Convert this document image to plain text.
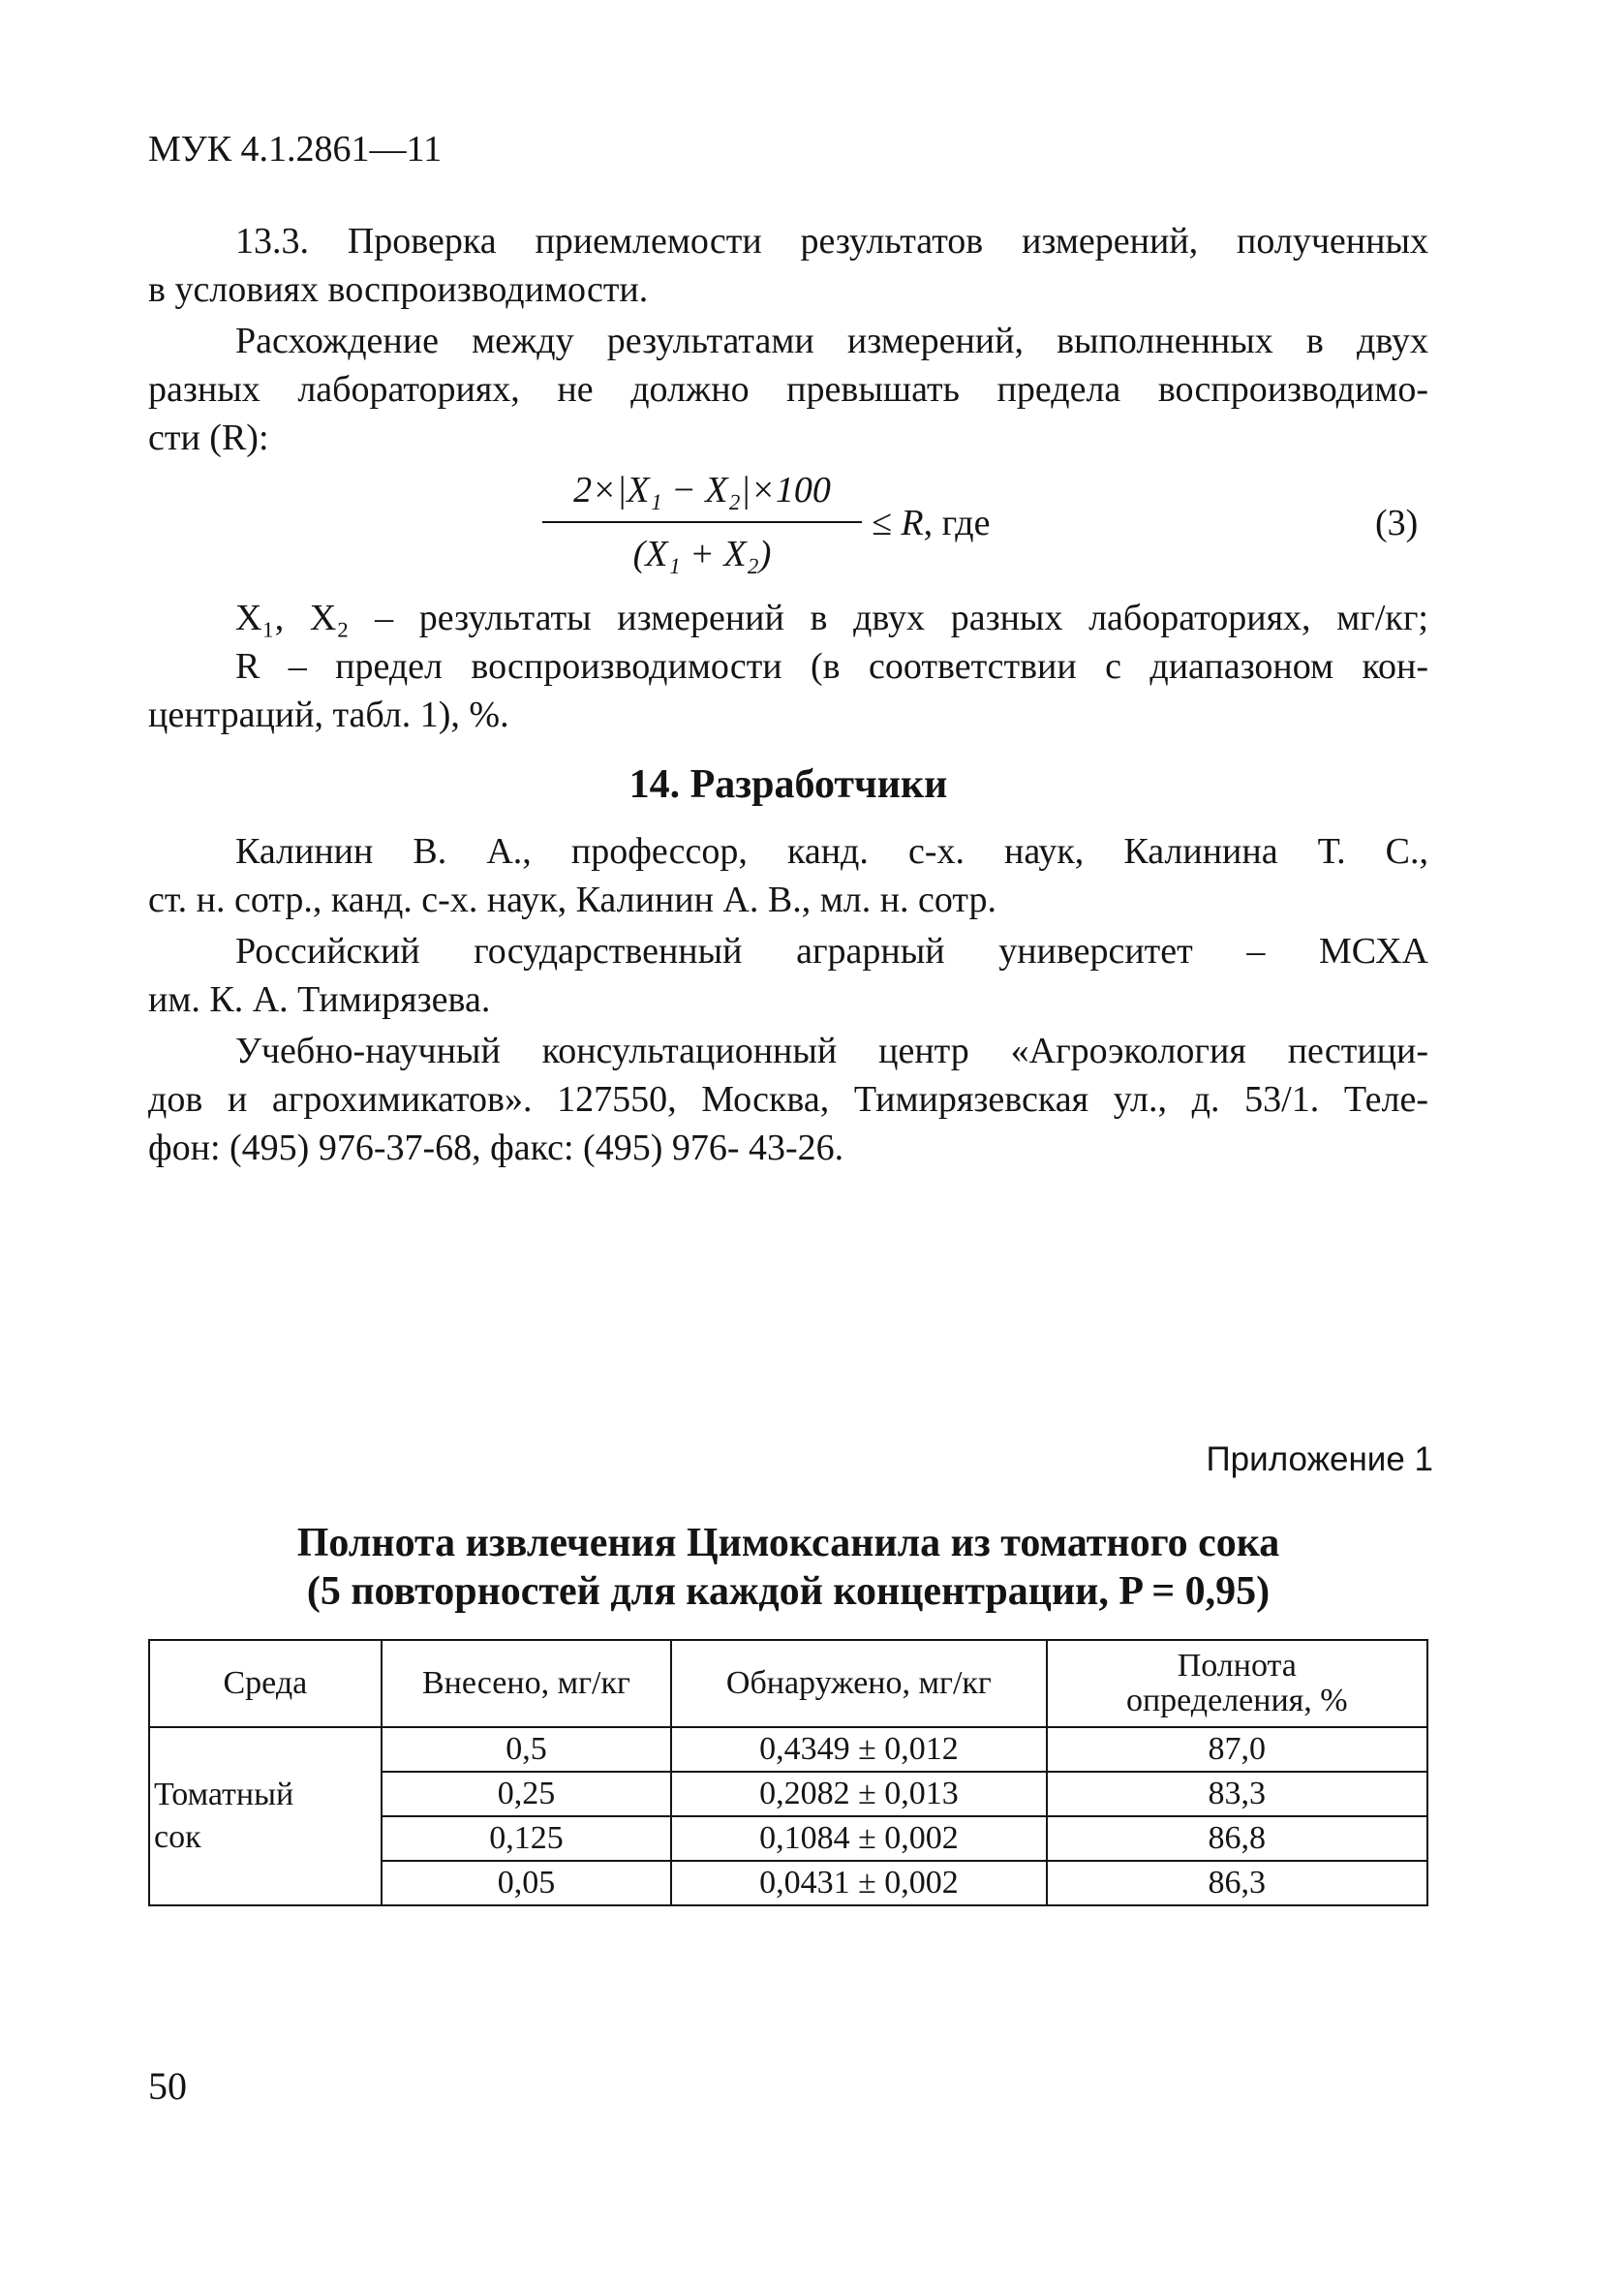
МУК 4.1.2861—11
13.3. Проверка приемлемости результатов измерений, полученных
в условиях воспроизводимости.
Расхождение между результатами измерений, выполненных в двух
разных лабораториях, не должно превышать предела воспроизводимо-
сти (R):
2×|X₁ − X₂|×100
(X₁ + X₂)
≤ R, где	(3)
X₁, X₂ – результаты измерений в двух разных лабораториях, мг/кг;
R – предел воспроизводимости (в соответствии с диапазоном кон-
центраций, табл. 1), %.
14. Разработчики
Калинин В. А., профессор, канд. с-х. наук, Калинина Т. С.,
ст. н. сотр., канд. с-х. наук, Калинин А. В., мл. н. сотр.
Российский государственный аграрный университет – МСХА
им. К. А. Тимирязева.
Учебно-научный консультационный центр «Агроэкология пестици-
дов и агрохимикатов». 127550, Москва, Тимирязевская ул., д. 53/1. Теле-
фон: (495) 976-37-68, факс: (495) 976- 43-26.
Приложение 1
Полнота извлечения Цимоксанила из томатного сока
(5 повторностей для каждой концентрации, P = 0,95)
Среда	Внесено, мг/кг	Обнаружено, мг/кг	Полнота
определения, %
Томатный
сок	0,5	0,4349 ± 0,012	87,0
	0,25	0,2082 ± 0,013	83,3
	0,125	0,1084 ± 0,002	86,8
	0,05	0,0431 ± 0,002	86,3
50
